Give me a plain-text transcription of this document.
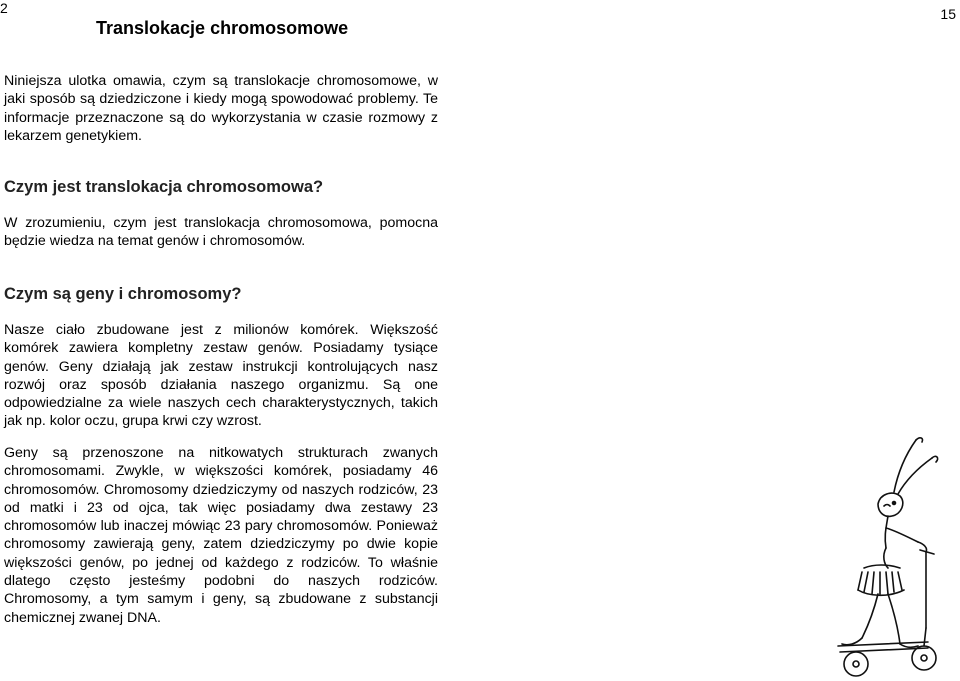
2	15
Translokacje chromosomowe

Niniejsza ulotka omawia, czym są translokacje chromosomowe, w jaki sposób są dziedziczone i kiedy mogą spowodować problemy. Te informacje przeznaczone są do wykorzystania w czasie rozmowy z lekarzem genetykiem.

Czym jest translokacja chromosomowa?

W zrozumieniu, czym jest translokacja chromosomowa, pomocna będzie wiedza na temat genów i chromosomów.

Czym są geny i chromosomy?

Nasze ciało zbudowane jest z milionów komórek. Większość komórek zawiera kompletny zestaw genów. Posiadamy tysiące genów. Geny działają jak zestaw instrukcji kontrolujących nasz rozwój oraz sposób działania naszego organizmu. Są one odpowiedzialne za wiele naszych cech charakterystycznych, takich jak np. kolor oczu, grupa krwi czy wzrost.

Geny są przenoszone na nitkowatych strukturach zwanych chromosomami. Zwykle, w większości komórek, posiadamy 46 chromosomów. Chromosomy dziedziczymy od naszych rodziców, 23 od matki i 23 od ojca, tak więc posiadamy dwa zestawy 23 chromosomów lub inaczej mówiąc 23 pary chromosomów. Ponieważ chromosomy zawierają geny, zatem dziedziczymy po dwie kopie większości genów, po jednej od każdego z rodziców. To właśnie dlatego często jesteśmy podobni do naszych rodziców. Chromosomy, a tym samym i geny, są zbudowane z substancji chemicznej zwanej DNA.
